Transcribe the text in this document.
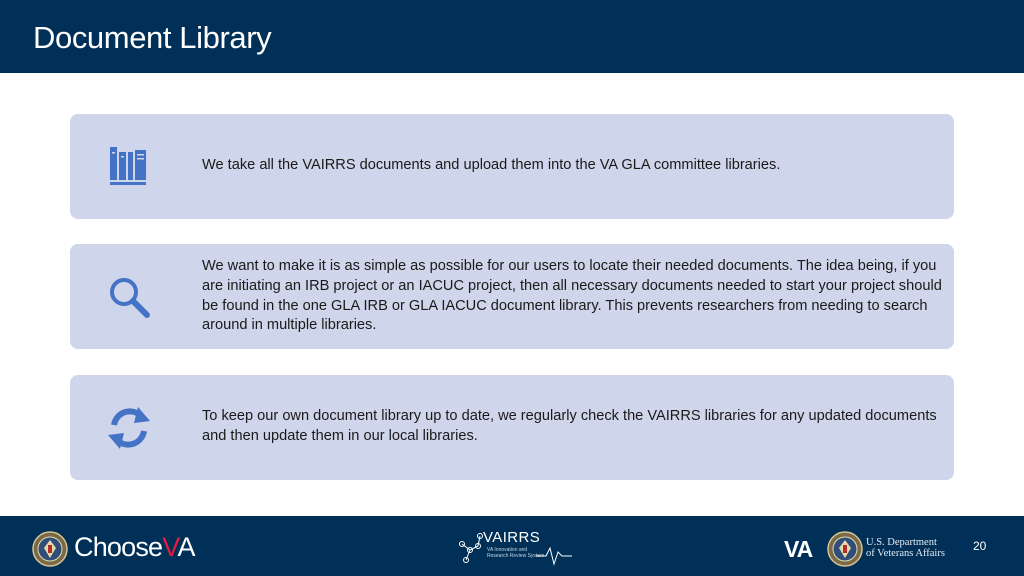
Document Library
We take all the VAIRRS documents and upload them into the VA GLA committee libraries.
We want to make it is as simple as possible for our users to locate their needed documents. The idea being, if you are initiating an IRB project or an IACUC project, then all necessary documents needed to start your project should be found in the one GLA IRB or GLA IACUC document library. This prevents researchers from needing to search around in multiple libraries.
To keep our own document library up to date, we regularly check the VAIRRS libraries for any updated documents and then update them in our local libraries.
ChooseVA	VAIRRS
VA Innovation and Research Review System	VA	U.S. Department
of Veterans Affairs
20
